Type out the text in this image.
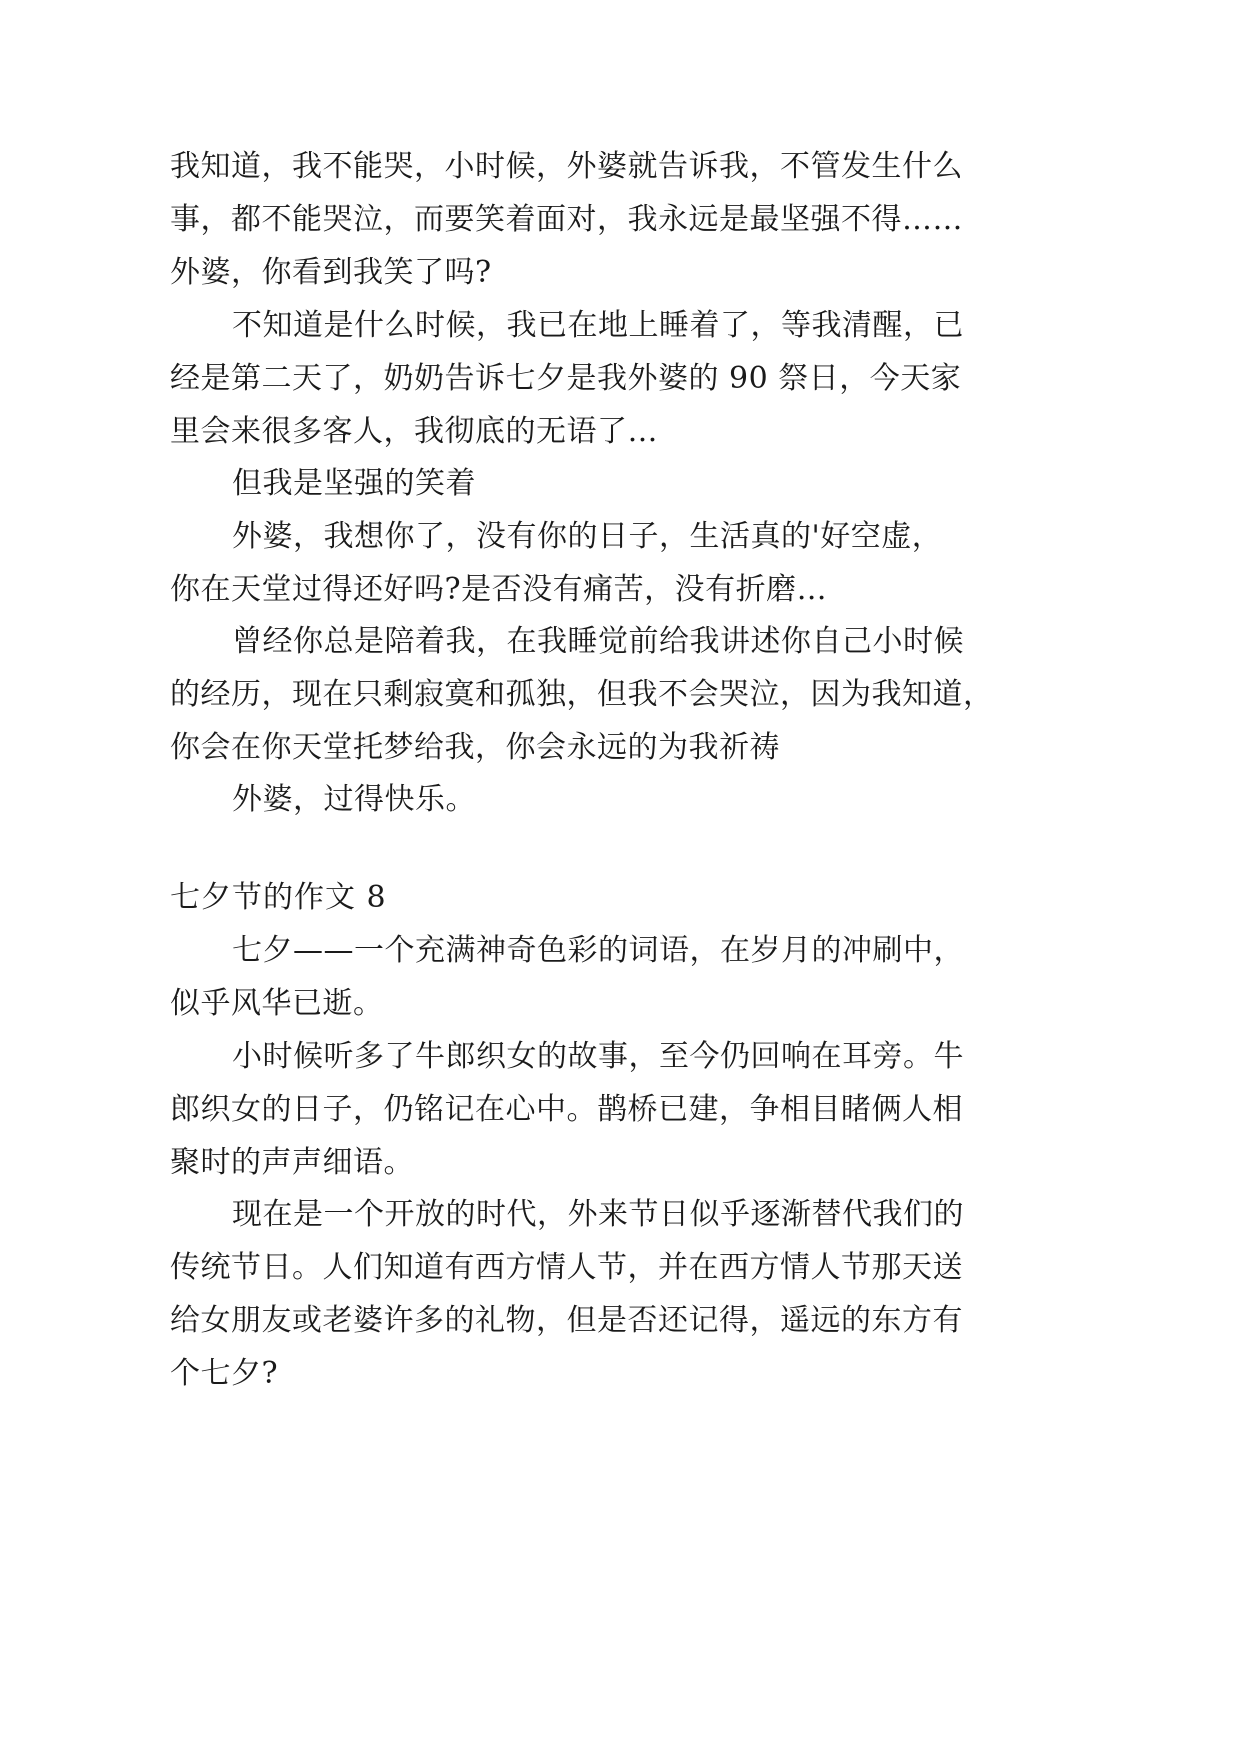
我知道，我不能哭，小时候，外婆就告诉我，不管发生什么
事，都不能哭泣，而要笑着面对，我永远是最坚强不得……
外婆，你看到我笑了吗?
不知道是什么时候，我已在地上睡着了，等我清醒，已
经是第二天了，奶奶告诉七夕是我外婆的 90 祭日，今天家
里会来很多客人，我彻底的无语了…
但我是坚强的笑着
外婆，我想你了，没有你的日子，生活真的'好空虚，
你在天堂过得还好吗?是否没有痛苦，没有折磨…
曾经你总是陪着我，在我睡觉前给我讲述你自己小时候
的经历，现在只剩寂寞和孤独，但我不会哭泣，因为我知道，
你会在你天堂托梦给我，你会永远的为我祈祷
外婆，过得快乐。
七夕节的作文 8
七夕——一个充满神奇色彩的词语，在岁月的冲刷中，
似乎风华已逝。
小时候听多了牛郎织女的故事，至今仍回响在耳旁。牛
郎织女的日子，仍铭记在心中。鹊桥已建，争相目睹俩人相
聚时的声声细语。
现在是一个开放的时代，外来节日似乎逐渐替代我们的
传统节日。人们知道有西方情人节，并在西方情人节那天送
给女朋友或老婆许多的礼物，但是否还记得，遥远的东方有
个七夕?
